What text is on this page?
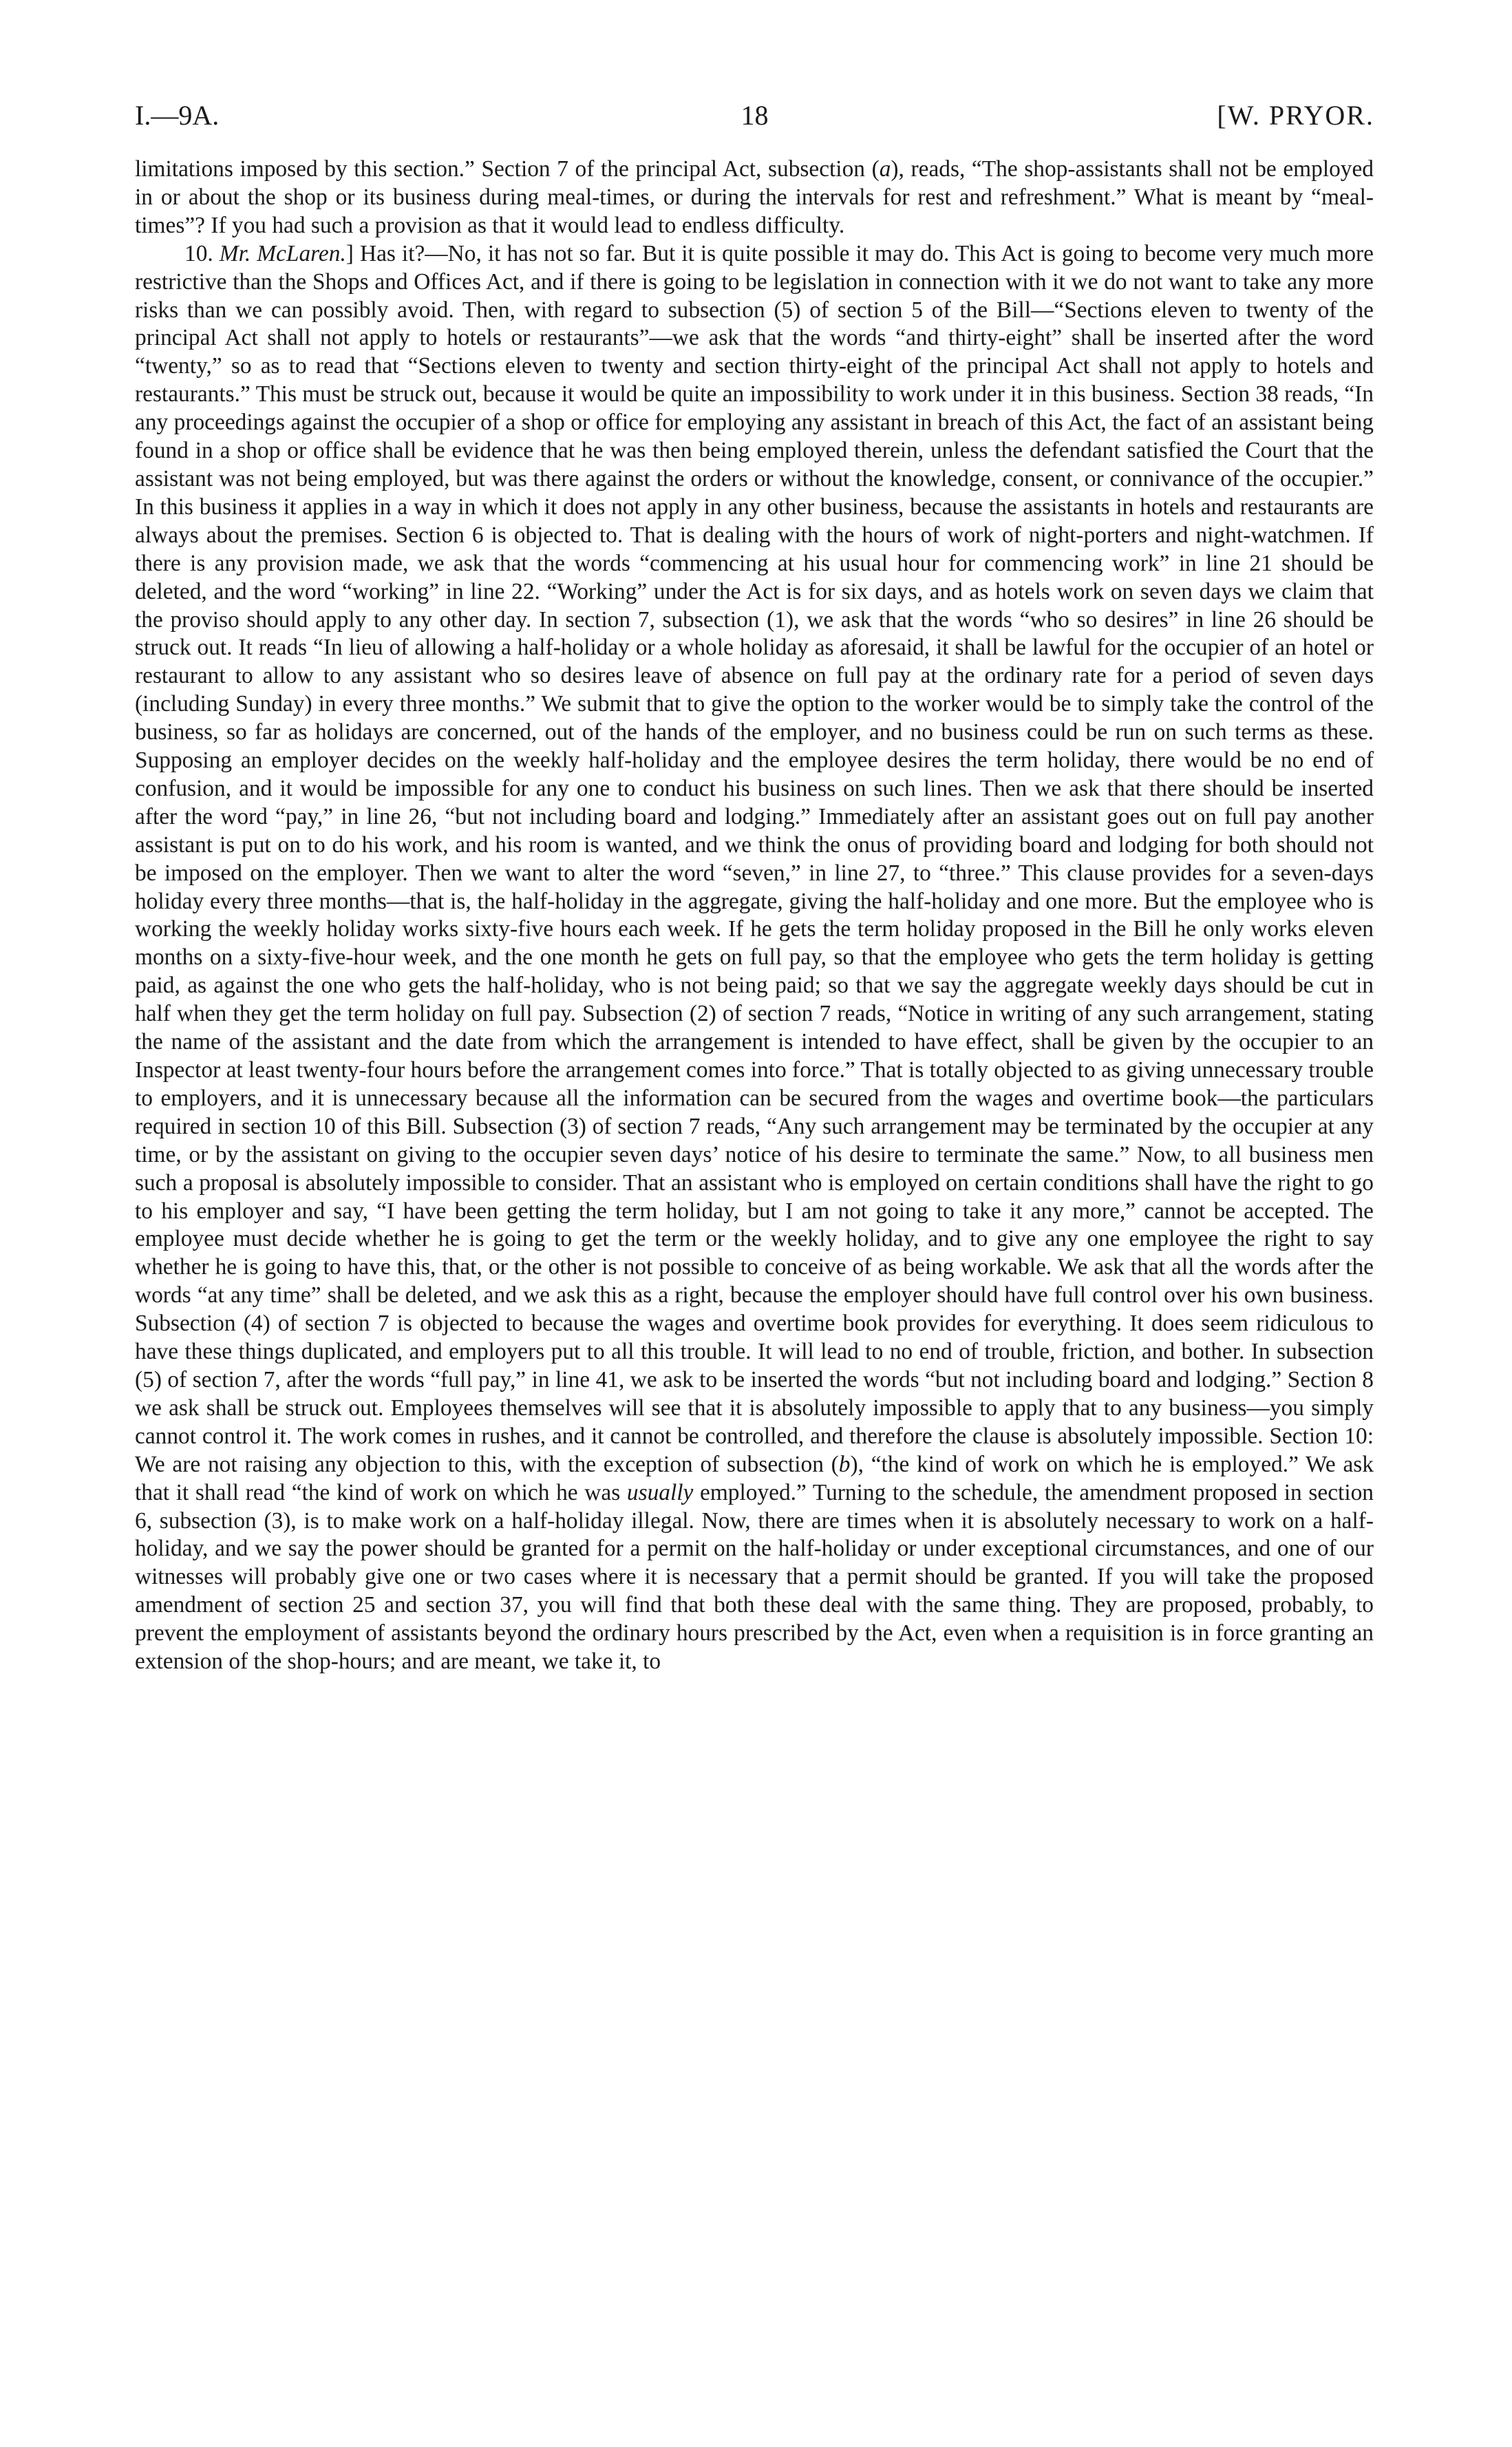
I.—9A.	18	[W. PRYOR.

limitations imposed by this section.” Section 7 of the principal Act, subsection (a), reads, “The shop-assistants shall not be employed in or about the shop or its business during meal-times, or during the intervals for rest and refreshment.” What is meant by “meal-times”? If you had such a provision as that it would lead to endless difficulty.

10. Mr. McLaren.] Has it?—No, it has not so far. But it is quite possible it may do. This Act is going to become very much more restrictive than the Shops and Offices Act, and if there is going to be legislation in connection with it we do not want to take any more risks than we can possibly avoid. Then, with regard to subsection (5) of section 5 of the Bill—“Sections eleven to twenty of the principal Act shall not apply to hotels or restaurants”—we ask that the words “and thirty-eight” shall be inserted after the word “twenty,” so as to read that “Sections eleven to twenty and section thirty-eight of the principal Act shall not apply to hotels and restaurants.” This must be struck out, because it would be quite an impossibility to work under it in this business. Section 38 reads, “In any proceedings against the occupier of a shop or office for employing any assistant in breach of this Act, the fact of an assistant being found in a shop or office shall be evidence that he was then being employed therein, unless the defendant satisfied the Court that the assistant was not being employed, but was there against the orders or without the knowledge, consent, or connivance of the occupier.” In this business it applies in a way in which it does not apply in any other business, because the assistants in hotels and restaurants are always about the premises. Section 6 is objected to. That is dealing with the hours of work of night-porters and night-watchmen. If there is any provision made, we ask that the words “commencing at his usual hour for commencing work” in line 21 should be deleted, and the word “working” in line 22. “Working” under the Act is for six days, and as hotels work on seven days we claim that the proviso should apply to any other day. In section 7, subsection (1), we ask that the words “who so desires” in line 26 should be struck out. It reads “In lieu of allowing a half-holiday or a whole holiday as aforesaid, it shall be lawful for the occupier of an hotel or restaurant to allow to any assistant who so desires leave of absence on full pay at the ordinary rate for a period of seven days (including Sunday) in every three months.” We submit that to give the option to the worker would be to simply take the control of the business, so far as holidays are concerned, out of the hands of the employer, and no business could be run on such terms as these. Supposing an employer decides on the weekly half-holiday and the employee desires the term holiday, there would be no end of confusion, and it would be impossible for any one to conduct his business on such lines. Then we ask that there should be inserted after the word “pay,” in line 26, “but not including board and lodging.” Immediately after an assistant goes out on full pay another assistant is put on to do his work, and his room is wanted, and we think the onus of providing board and lodging for both should not be imposed on the employer. Then we want to alter the word “seven,” in line 27, to “three.” This clause provides for a seven-days holiday every three months—that is, the half-holiday in the aggregate, giving the half-holiday and one more. But the employee who is working the weekly holiday works sixty-five hours each week. If he gets the term holiday proposed in the Bill he only works eleven months on a sixty-five-hour week, and the one month he gets on full pay, so that the employee who gets the term holiday is getting paid, as against the one who gets the half-holiday, who is not being paid; so that we say the aggregate weekly days should be cut in half when they get the term holiday on full pay. Subsection (2) of section 7 reads, “Notice in writing of any such arrangement, stating the name of the assistant and the date from which the arrangement is intended to have effect, shall be given by the occupier to an Inspector at least twenty-four hours before the arrangement comes into force.” That is totally objected to as giving unnecessary trouble to employers, and it is unnecessary because all the information can be secured from the wages and overtime book—the particulars required in section 10 of this Bill. Subsection (3) of section 7 reads, “Any such arrangement may be terminated by the occupier at any time, or by the assistant on giving to the occupier seven days’ notice of his desire to terminate the same.” Now, to all business men such a proposal is absolutely impossible to consider. That an assistant who is employed on certain conditions shall have the right to go to his employer and say, “I have been getting the term holiday, but I am not going to take it any more,” cannot be accepted. The employee must decide whether he is going to get the term or the weekly holiday, and to give any one employee the right to say whether he is going to have this, that, or the other is not possible to conceive of as being workable. We ask that all the words after the words “at any time” shall be deleted, and we ask this as a right, because the employer should have full control over his own business. Subsection (4) of section 7 is objected to because the wages and overtime book provides for everything. It does seem ridiculous to have these things duplicated, and employers put to all this trouble. It will lead to no end of trouble, friction, and bother. In subsection (5) of section 7, after the words “full pay,” in line 41, we ask to be inserted the words “but not including board and lodging.” Section 8 we ask shall be struck out. Employees themselves will see that it is absolutely impossible to apply that to any business—you simply cannot control it. The work comes in rushes, and it cannot be controlled, and therefore the clause is absolutely impossible. Section 10: We are not raising any objection to this, with the exception of subsection (b), “the kind of work on which he is employed.” We ask that it shall read “the kind of work on which he was usually employed.” Turning to the schedule, the amendment proposed in section 6, subsection (3), is to make work on a half-holiday illegal. Now, there are times when it is absolutely necessary to work on a half-holiday, and we say the power should be granted for a permit on the half-holiday or under exceptional circumstances, and one of our witnesses will probably give one or two cases where it is necessary that a permit should be granted. If you will take the proposed amendment of section 25 and section 37, you will find that both these deal with the same thing. They are proposed, probably, to prevent the employment of assistants beyond the ordinary hours prescribed by the Act, even when a requisition is in force granting an extension of the shop-hours; and are meant, we take it, to
